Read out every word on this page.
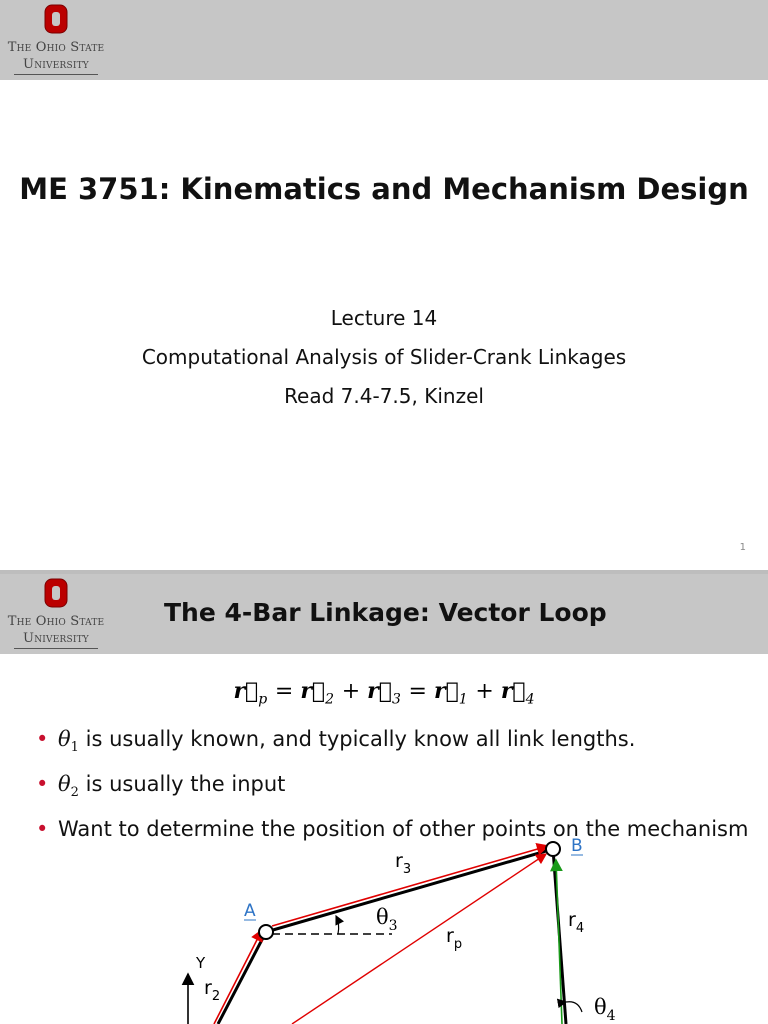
The Ohio State
University
ME 3751: Kinematics and Mechanism Design
Lecture 14
Computational Analysis of Slider-Crank Linkages
Read 7.4-7.5, Kinzel
1
The Ohio State
University
The 4-Bar Linkage: Vector Loop
$r⃗_p$ = $r⃗_2$ + $r⃗_3$ = $r⃗_1$ + $r⃗_4$
• $\theta_1$ is usually known, and typically know all link lengths.
• $\theta_2$ is usually the input
• Want to determine the position of other points on the mechanism
A
B
$r_3$
$\theta_3$	$r_p$
$r_4$
$r_2$	$\theta_4$
Y
